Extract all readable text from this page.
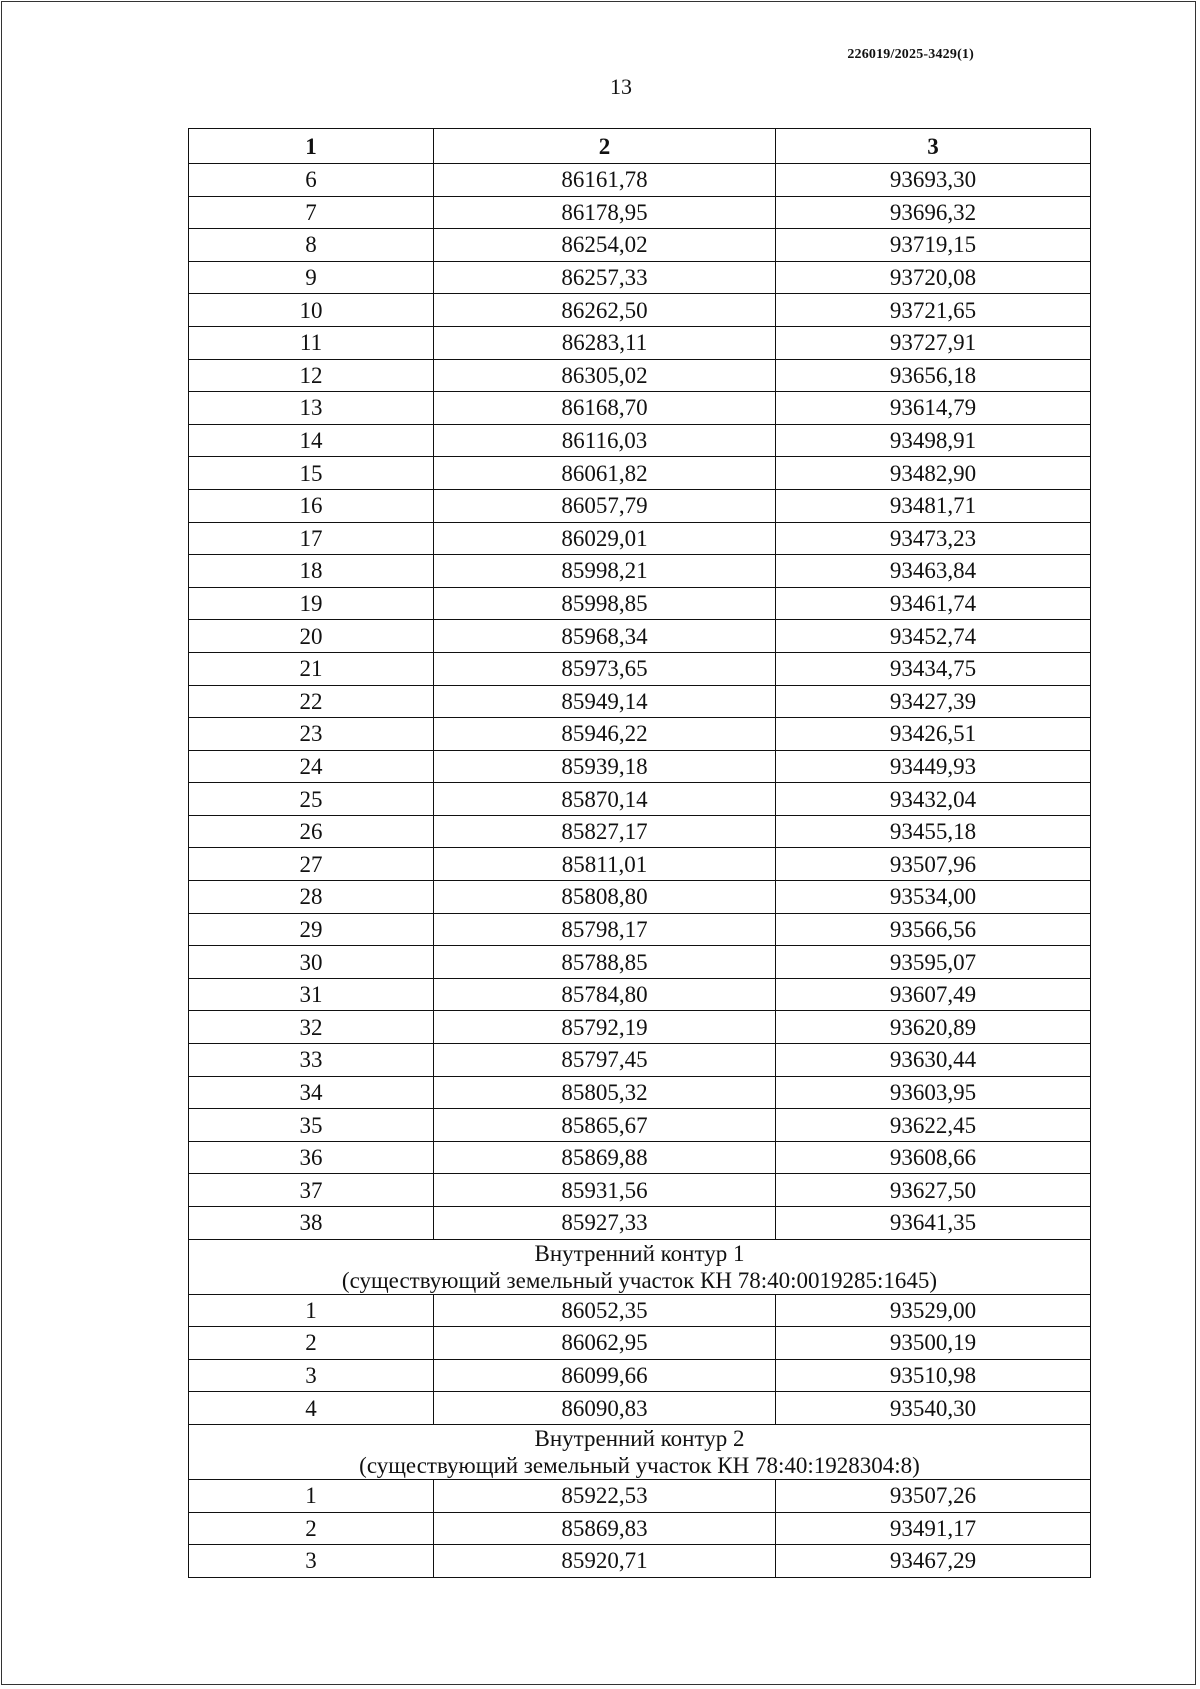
226019/2025-3429(1)
13
1	2	3
6	86161,78	93693,30
7	86178,95	93696,32
8	86254,02	93719,15
9	86257,33	93720,08
10	86262,50	93721,65
11	86283,11	93727,91
12	86305,02	93656,18
13	86168,70	93614,79
14	86116,03	93498,91
15	86061,82	93482,90
16	86057,79	93481,71
17	86029,01	93473,23
18	85998,21	93463,84
19	85998,85	93461,74
20	85968,34	93452,74
21	85973,65	93434,75
22	85949,14	93427,39
23	85946,22	93426,51
24	85939,18	93449,93
25	85870,14	93432,04
26	85827,17	93455,18
27	85811,01	93507,96
28	85808,80	93534,00
29	85798,17	93566,56
30	85788,85	93595,07
31	85784,80	93607,49
32	85792,19	93620,89
33	85797,45	93630,44
34	85805,32	93603,95
35	85865,67	93622,45
36	85869,88	93608,66
37	85931,56	93627,50
38	85927,33	93641,35

Внутренний контур 1
(существующий земельный участок КН 78:40:0019285:1645)		

1	86052,35	93529,00
2	86062,95	93500,19
3	86099,66	93510,98
4	86090,83	93540,30

Внутренний контур 2
(существующий земельный участок КН 78:40:1928304:8)		

1	85922,53	93507,26
2	85869,83	93491,17
3	85920,71	93467,29
